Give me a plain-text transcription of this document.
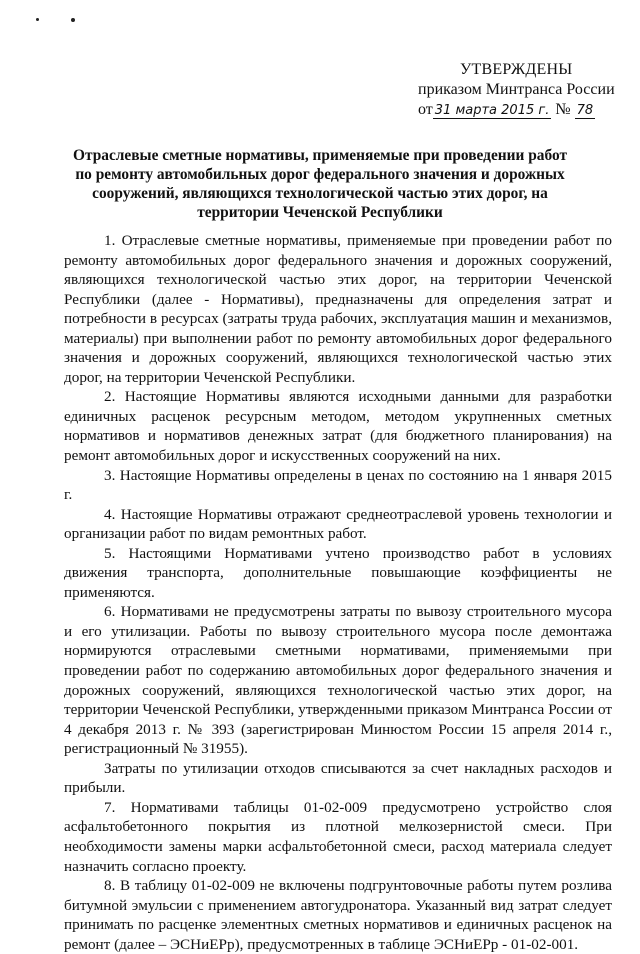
УТВЕРЖДЕНЫ
приказом Минтранса России
от 31 марта 2015 г. № 78
Отраслевые сметные нормативы, применяемые при проведении работ по ремонту автомобильных дорог федерального значения и дорожных сооружений, являющихся технологической частью этих дорог, на территории Чеченской Республики

1. Отраслевые сметные нормативы, применяемые при проведении работ по ремонту автомобильных дорог федерального значения и дорожных сооружений, являющихся технологической частью этих дорог, на территории Чеченской Республики (далее - Нормативы), предназначены для определения затрат и потребности в ресурсах (затраты труда рабочих, эксплуатация машин и механизмов, материалы) при выполнении работ по ремонту автомобильных дорог федерального значения и дорожных сооружений, являющихся технологической частью этих дорог, на территории Чеченской Республики.

2. Настоящие Нормативы являются исходными данными для разработки единичных расценок ресурсным методом, методом укрупненных сметных нормативов и нормативов денежных затрат (для бюджетного планирования) на ремонт автомобильных дорог и искусственных сооружений на них.

3. Настоящие Нормативы определены в ценах по состоянию на 1 января 2015 г.

4. Настоящие Нормативы отражают среднеотраслевой уровень технологии и организации работ по видам ремонтных работ.

5. Настоящими Нормативами учтено производство работ в условиях движения транспорта, дополнительные повышающие коэффициенты не применяются.

6. Нормативами не предусмотрены затраты по вывозу строительного мусора и его утилизации. Работы по вывозу строительного мусора после демонтажа нормируются отраслевыми сметными нормативами, применяемыми при проведении работ по содержанию автомобильных дорог федерального значения и дорожных сооружений, являющихся технологической частью этих дорог, на территории Чеченской Республики, утвержденными приказом Минтранса России от 4 декабря 2013 г. № 393 (зарегистрирован Минюстом России 15 апреля 2014 г., регистрационный № 31955).

Затраты по утилизации отходов списываются за счет накладных расходов и прибыли.

7. Нормативами таблицы 01-02-009 предусмотрено устройство слоя асфальтобетонного покрытия из плотной мелкозернистой смеси. При необходимости замены марки асфальтобетонной смеси, расход материала следует назначить согласно проекту.

8. В таблицу 01-02-009 не включены подгрунтовочные работы путем розлива битумной эмульсии с применением автогудронатора. Указанный вид затрат следует принимать по расценке элементных сметных нормативов и единичных расценок на ремонт (далее – ЭСНиЕРр), предусмотренных в таблице ЭСНиЕРр - 01-02-001.
